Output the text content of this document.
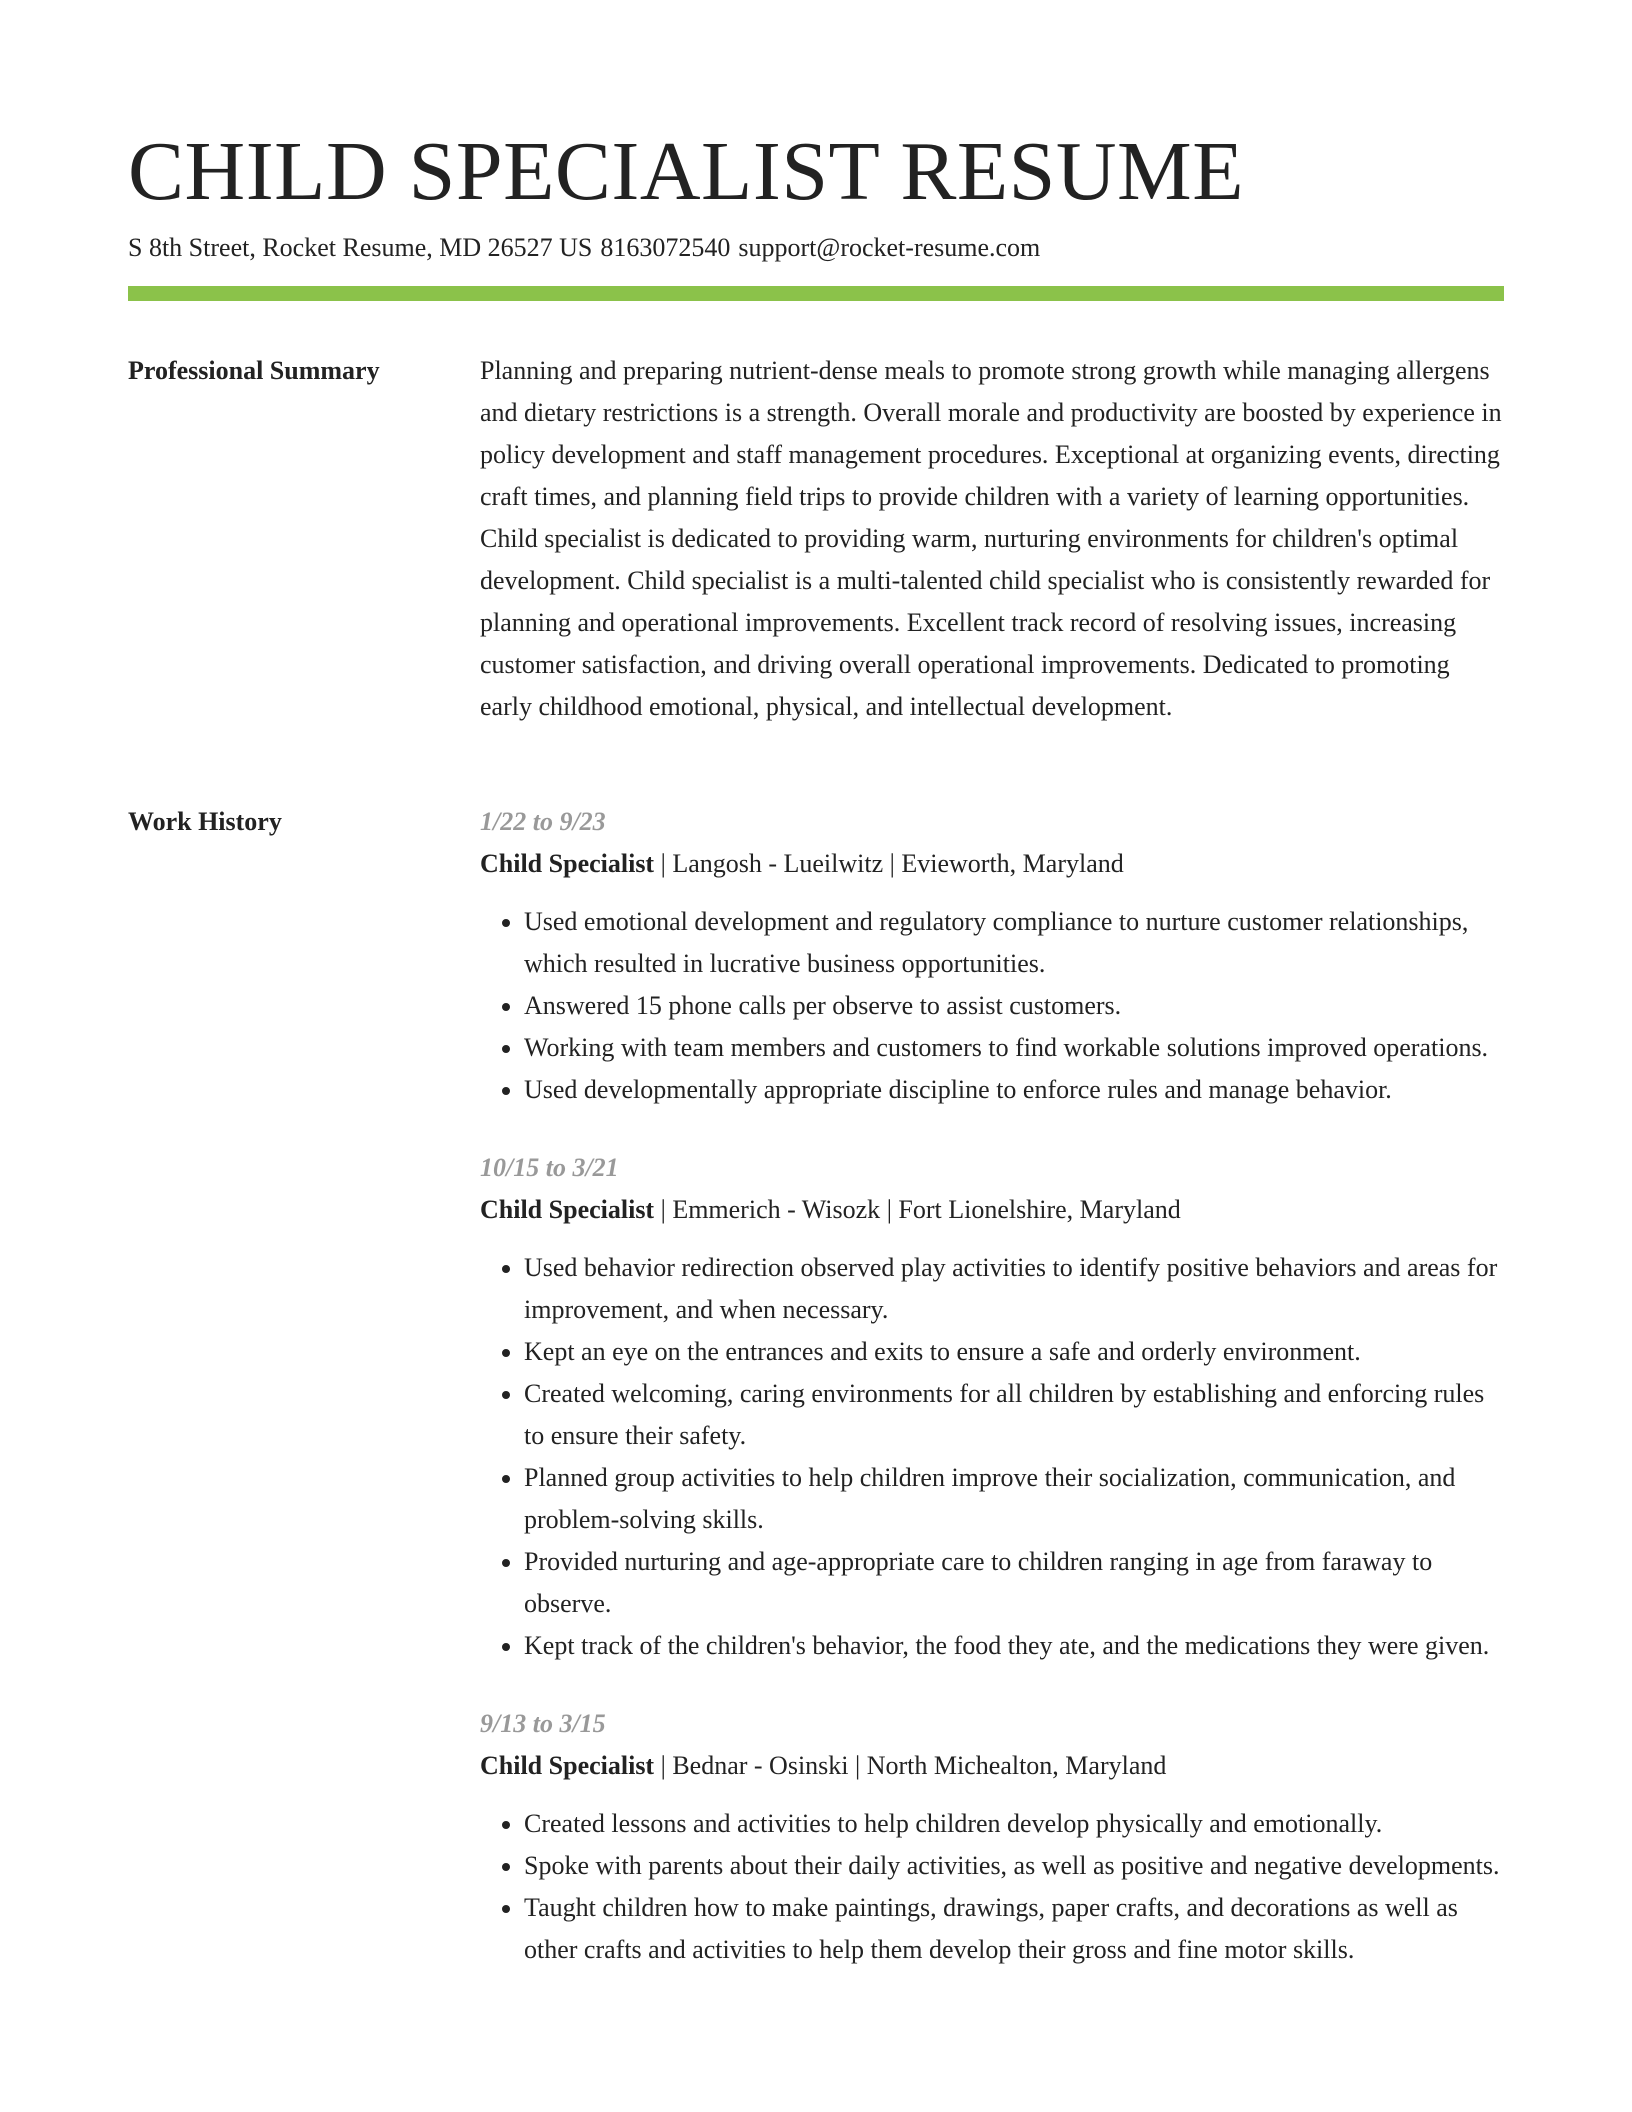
CHILD SPECIALIST RESUME
S 8th Street, Rocket Resume, MD 26527 US 8163072540 support@rocket-resume.com
Professional Summary	Planning and preparing nutrient-dense meals to promote strong growth while managing allergens and dietary restrictions is a strength. Overall morale and productivity are boosted by experience in policy development and staff management procedures. Exceptional at organizing events, directing craft times, and planning field trips to provide children with a variety of learning opportunities. Child specialist is dedicated to providing warm, nurturing environments for children's optimal development. Child specialist is a multi-talented child specialist who is consistently rewarded for planning and operational improvements. Excellent track record of resolving issues, increasing customer satisfaction, and driving overall operational improvements. Dedicated to promoting early childhood emotional, physical, and intellectual development.

Work History	1/22 to 9/23
Child Specialist | Langosh - Lueilwitz | Evieworth, Maryland
• Used emotional development and regulatory compliance to nurture customer relationships, which resulted in lucrative business opportunities.
• Answered 15 phone calls per observe to assist customers.
• Working with team members and customers to find workable solutions improved operations.
• Used developmentally appropriate discipline to enforce rules and manage behavior.
10/15 to 3/21
Child Specialist | Emmerich - Wisozk | Fort Lionelshire, Maryland
• Used behavior redirection observed play activities to identify positive behaviors and areas for improvement, and when necessary.
• Kept an eye on the entrances and exits to ensure a safe and orderly environment.
• Created welcoming, caring environments for all children by establishing and enforcing rules to ensure their safety.
• Planned group activities to help children improve their socialization, communication, and problem-solving skills.
• Provided nurturing and age-appropriate care to children ranging in age from faraway to observe.
• Kept track of the children's behavior, the food they ate, and the medications they were given.
9/13 to 3/15
Child Specialist | Bednar - Osinski | North Michealton, Maryland
• Created lessons and activities to help children develop physically and emotionally.
• Spoke with parents about their daily activities, as well as positive and negative developments.
• Taught children how to make paintings, drawings, paper crafts, and decorations as well as other crafts and activities to help them develop their gross and fine motor skills.
